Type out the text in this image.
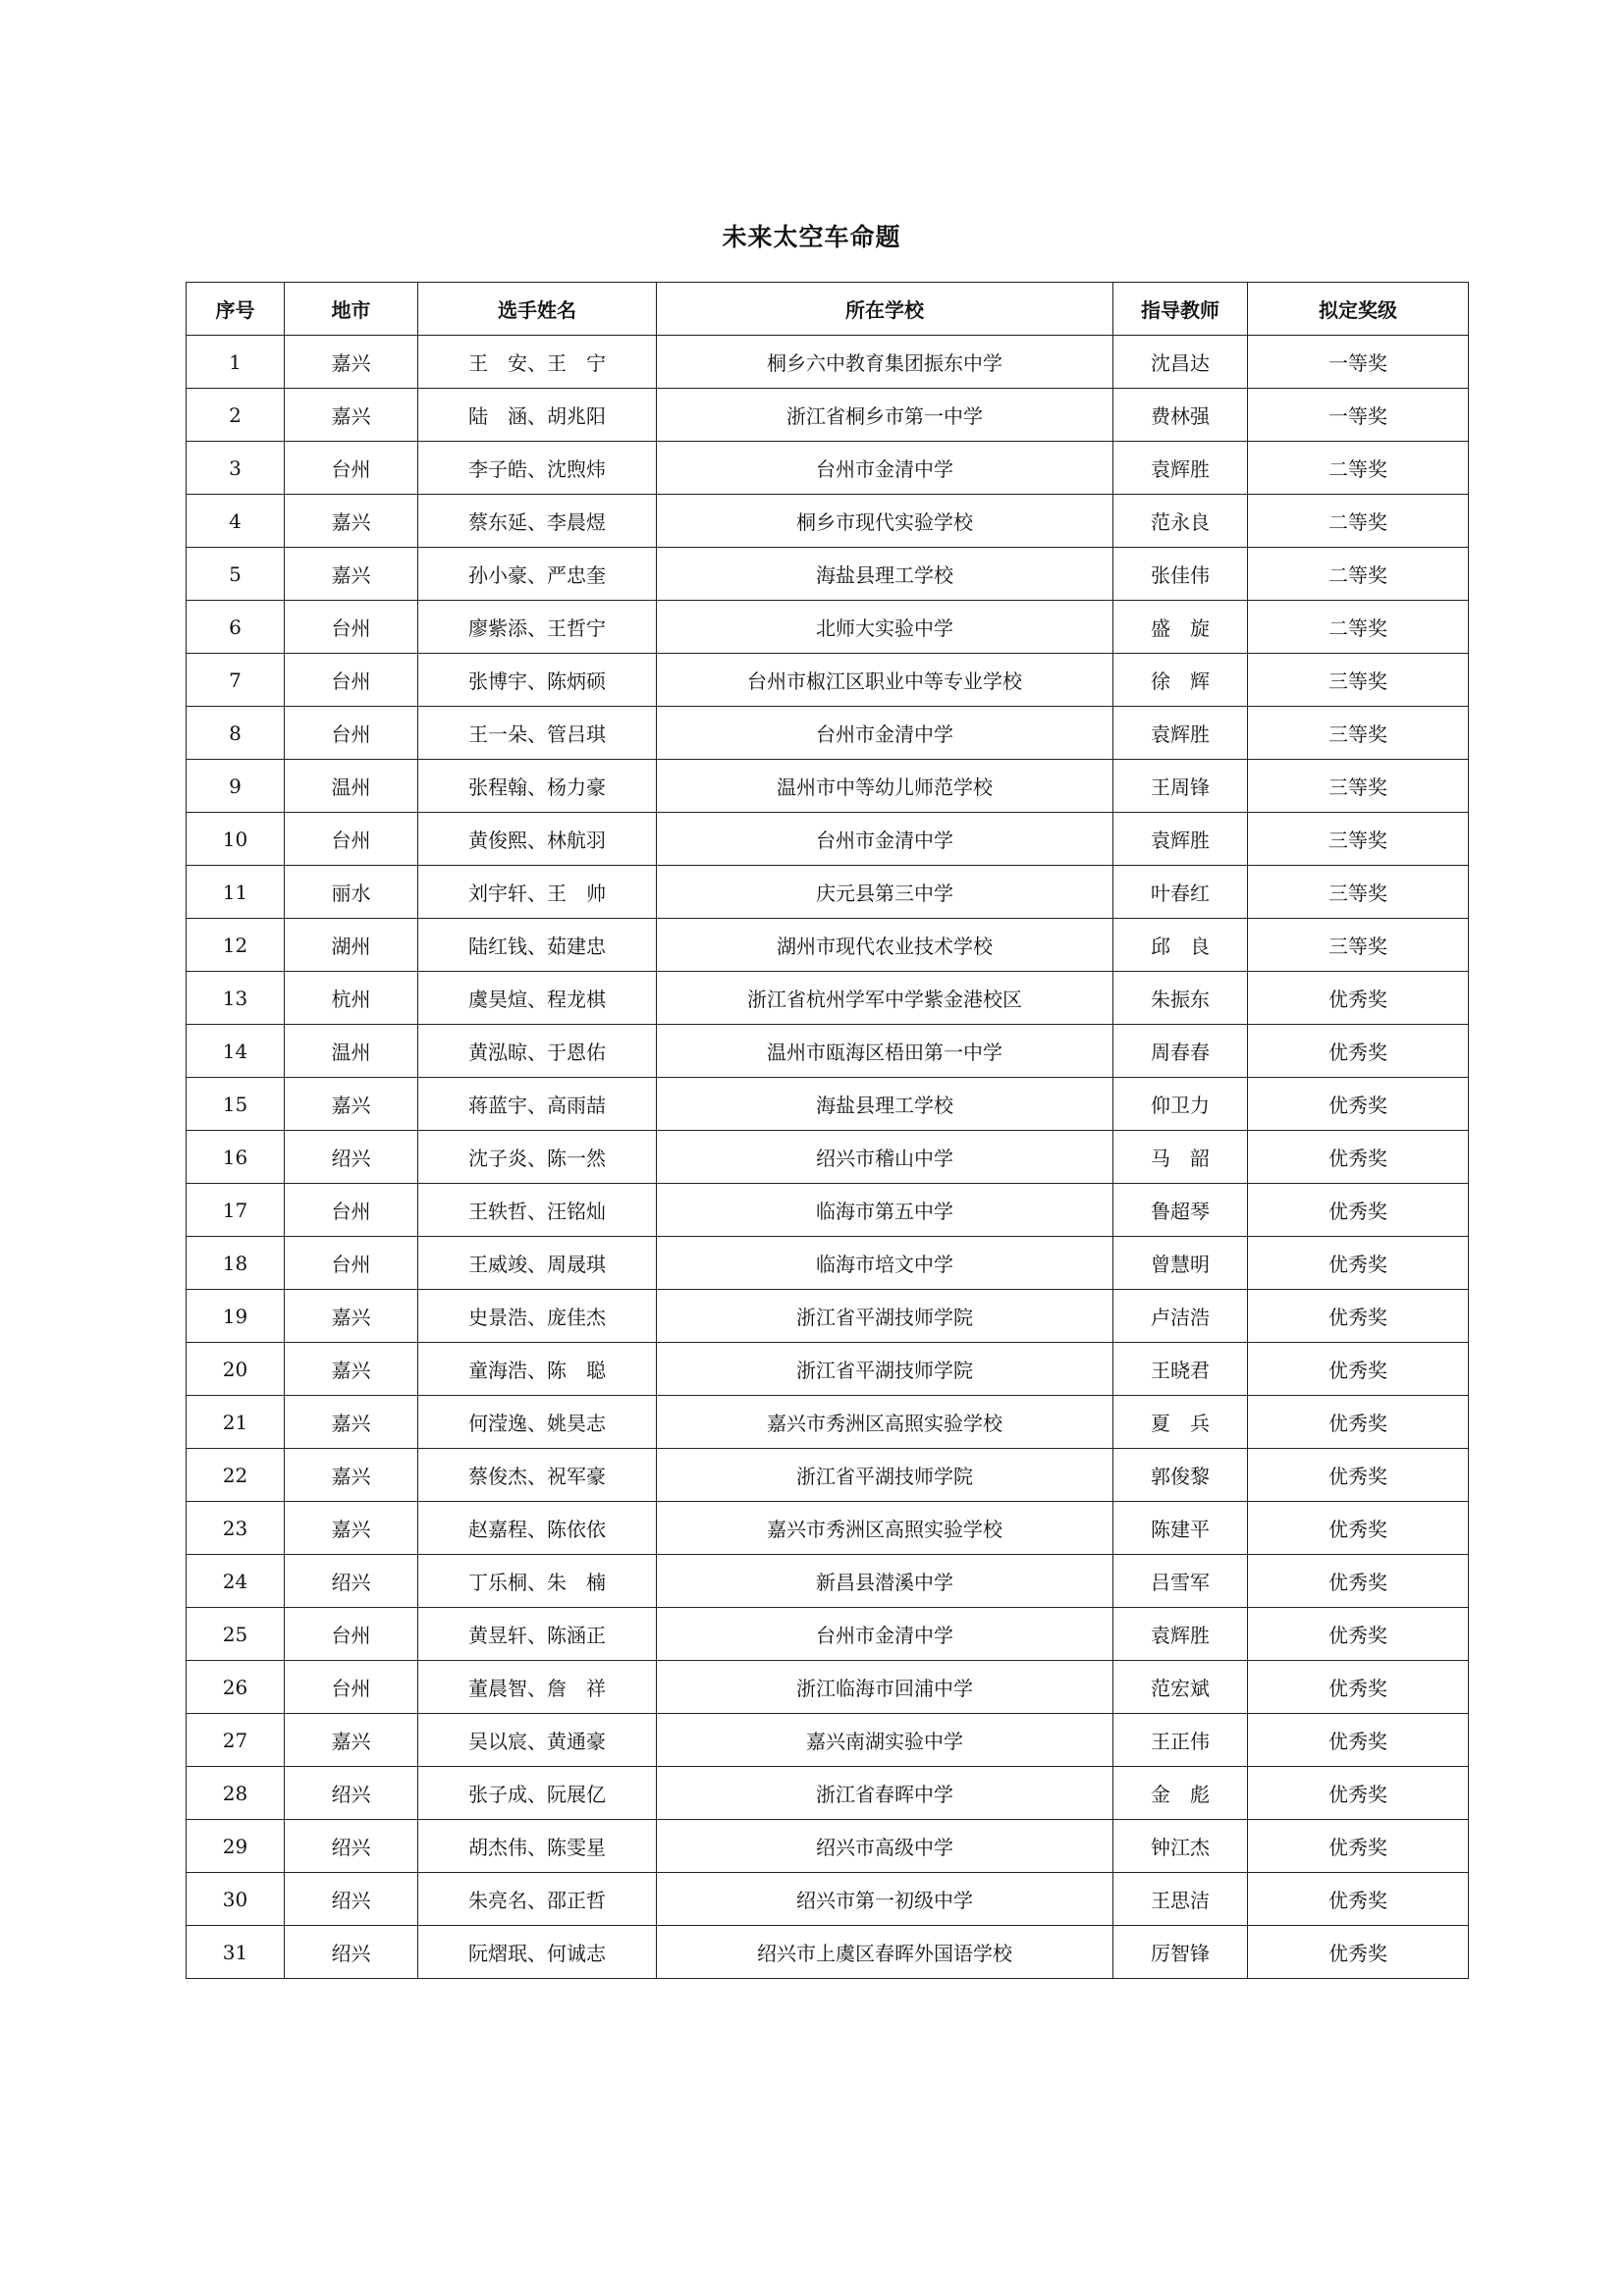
未来太空车命题
序号	地市	选手姓名	所在学校	指导教师	拟定奖级
1	嘉兴	王　安、王　宁	桐乡六中教育集团振东中学	沈昌达	一等奖
2	嘉兴	陆　涵、胡兆阳	浙江省桐乡市第一中学	费林强	一等奖
3	台州	李子皓、沈煦炜	台州市金清中学	袁辉胜	二等奖
4	嘉兴	蔡东延、李晨煜	桐乡市现代实验学校	范永良	二等奖
5	嘉兴	孙小豪、严忠奎	海盐县理工学校	张佳伟	二等奖
6	台州	廖紫添、王哲宁	北师大实验中学	盛　旋	二等奖
7	台州	张博宇、陈炳硕	台州市椒江区职业中等专业学校	徐　辉	三等奖
8	台州	王一朵、管吕琪	台州市金清中学	袁辉胜	三等奖
9	温州	张程翰、杨力豪	温州市中等幼儿师范学校	王周锋	三等奖
10	台州	黄俊熙、林航羽	台州市金清中学	袁辉胜	三等奖
11	丽水	刘宇轩、王　帅	庆元县第三中学	叶春红	三等奖
12	湖州	陆红钱、茹建忠	湖州市现代农业技术学校	邱　良	三等奖
13	杭州	虞昊煊、程龙棋	浙江省杭州学军中学紫金港校区	朱振东	优秀奖
14	温州	黄泓晾、于恩佑	温州市瓯海区梧田第一中学	周春春	优秀奖
15	嘉兴	蒋蓝宇、高雨喆	海盐县理工学校	仰卫力	优秀奖
16	绍兴	沈子炎、陈一然	绍兴市稽山中学	马　韶	优秀奖
17	台州	王轶哲、汪铭灿	临海市第五中学	鲁超琴	优秀奖
18	台州	王威竣、周晟琪	临海市培文中学	曾慧明	优秀奖
19	嘉兴	史景浩、庞佳杰	浙江省平湖技师学院	卢洁浩	优秀奖
20	嘉兴	童海浩、陈　聪	浙江省平湖技师学院	王晓君	优秀奖
21	嘉兴	何滢逸、姚昊志	嘉兴市秀洲区高照实验学校	夏　兵	优秀奖
22	嘉兴	蔡俊杰、祝军豪	浙江省平湖技师学院	郭俊黎	优秀奖
23	嘉兴	赵嘉程、陈依依	嘉兴市秀洲区高照实验学校	陈建平	优秀奖
24	绍兴	丁乐桐、朱　楠	新昌县潜溪中学	吕雪军	优秀奖
25	台州	黄昱轩、陈涵正	台州市金清中学	袁辉胜	优秀奖
26	台州	董晨智、詹　祥	浙江临海市回浦中学	范宏斌	优秀奖
27	嘉兴	吴以宸、黄通豪	嘉兴南湖实验中学	王正伟	优秀奖
28	绍兴	张子成、阮展亿	浙江省春晖中学	金　彪	优秀奖
29	绍兴	胡杰伟、陈雯星	绍兴市高级中学	钟江杰	优秀奖
30	绍兴	朱亮名、邵正哲	绍兴市第一初级中学	王思洁	优秀奖
31	绍兴	阮熠珉、何诚志	绍兴市上虞区春晖外国语学校	厉智锋	优秀奖
